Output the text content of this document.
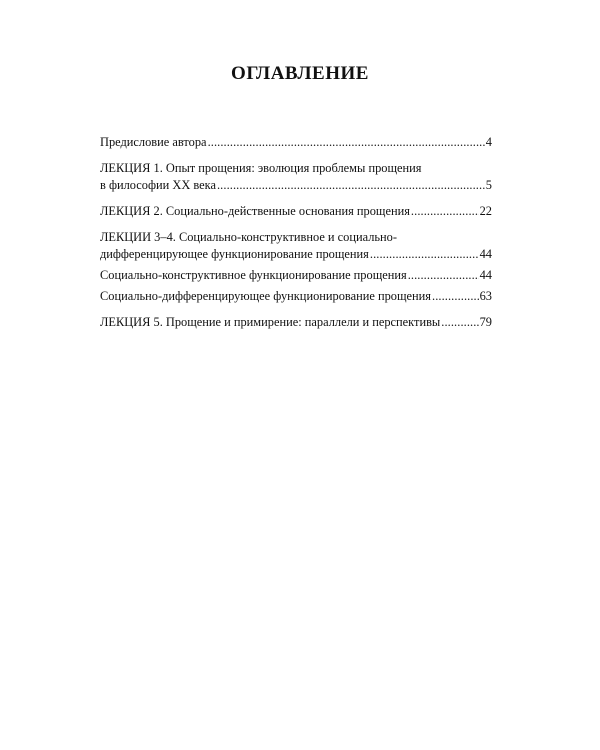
ОГЛАВЛЕНИЕ
Предисловие автора . . .	4
ЛЕКЦИЯ 1. Опыт прощения: эволюция проблемы прощения
в философии ХХ века . . .	5
ЛЕКЦИЯ 2. Социально-действенные основания прощения . . .	22
ЛЕКЦИИ 3–4. Социально-конструктивное и социально-
дифференцирующее функционирование прощения . . .	44
Социально-конструктивное функционирование прощения . . .	44
Социально-дифференцирующее функционирование прощения . . .	63
ЛЕКЦИЯ 5. Прощение и примирение: параллели и перспективы . . .	79
